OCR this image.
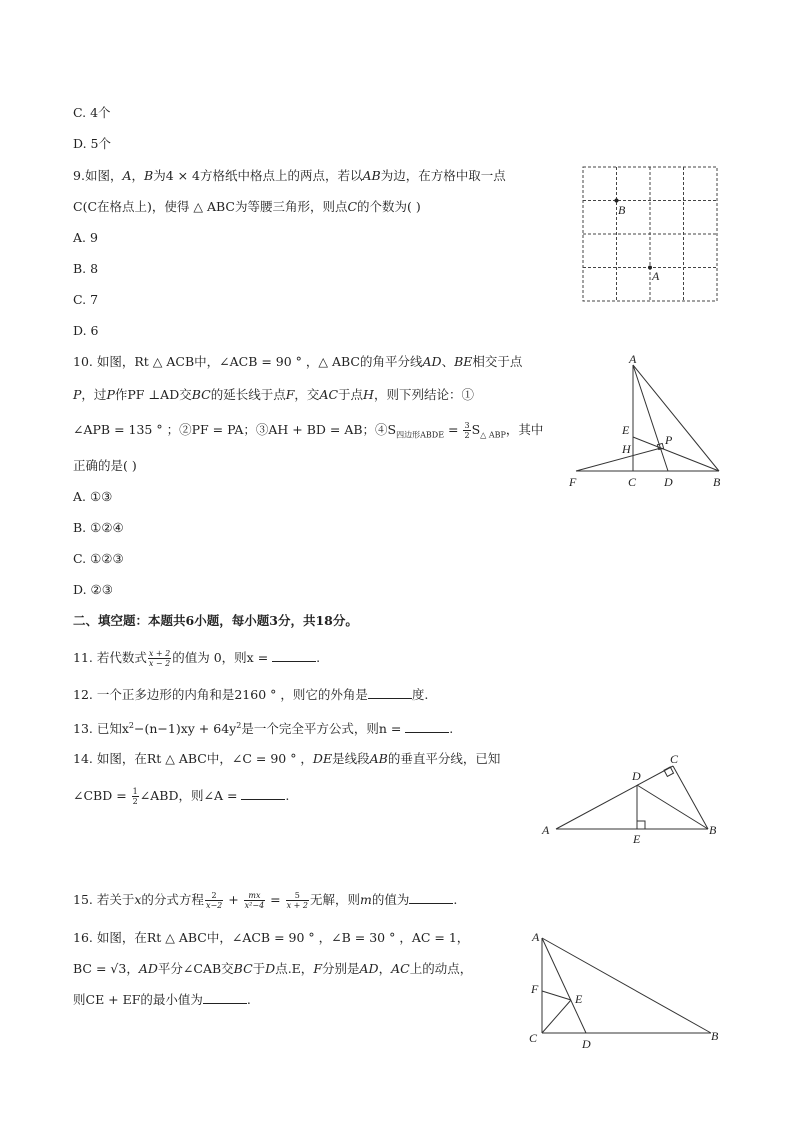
C. 4个
D. 5个
9.如图，A，B为4 × 4方格纸中格点上的两点，若以AB为边，在方格中取一点
C(C在格点上)，使得 △ ABC为等腰三角形，则点C的个数为( )
A. 9
B. 8
C. 7
D. 6
B
A
10. 如图，Rt △ ACB中，∠ACB = 90 ° ，△ ABC的角平分线AD、BE相交于点
P，过P作PF ⊥AD交BC的延长线于点F，交AC于点H，则下列结论：①
∠APB = 135 ° ；②PF = PA；③AH + BD = AB；$④S_{四边形ABDE} = \frac{3}{2} S_{\triangle ABP}$，其中
正确的是( )
A. ①③
B. ①②④
C. ①②③
D. ②③
A
E
H
P
F	C D	B
二、填空题：本题共6小题，每小题3分，共18分。
11. 若代数式 $\frac{x + 2}{x - 2}$ 的值为 0，则x =	.
12. 一个正多边形的内角和是2160 ° ，则它的外角是	度.
13. 已知$x^2-(n-1)xy + 64y^2$是一个完全平方公式，则n =	.
14. 如图，在Rt △ ABC中，∠C = 90 ° ，DE是线段AB的垂直平分线，已知
∠CBD = $\frac{1}{2}$ ∠ABD，则∠A =	.
A	B
C
D
E
15. 若关于x的分式方程 $\frac{2}{x-2} + \frac{mx}{\text{x²−4}} = \frac{5}{x + 2}$ 无解，则m的值为	.
16. 如图，在Rt △ ABC中，∠ACB = 90 ° ，∠B = 30 ° ，AC = 1，
BC = √3，AD平分∠CAB交BC于D点.E，F分别是AD，AC上的动点，
则CE + EF的最小值为	.
A
F
E
C	D
B
